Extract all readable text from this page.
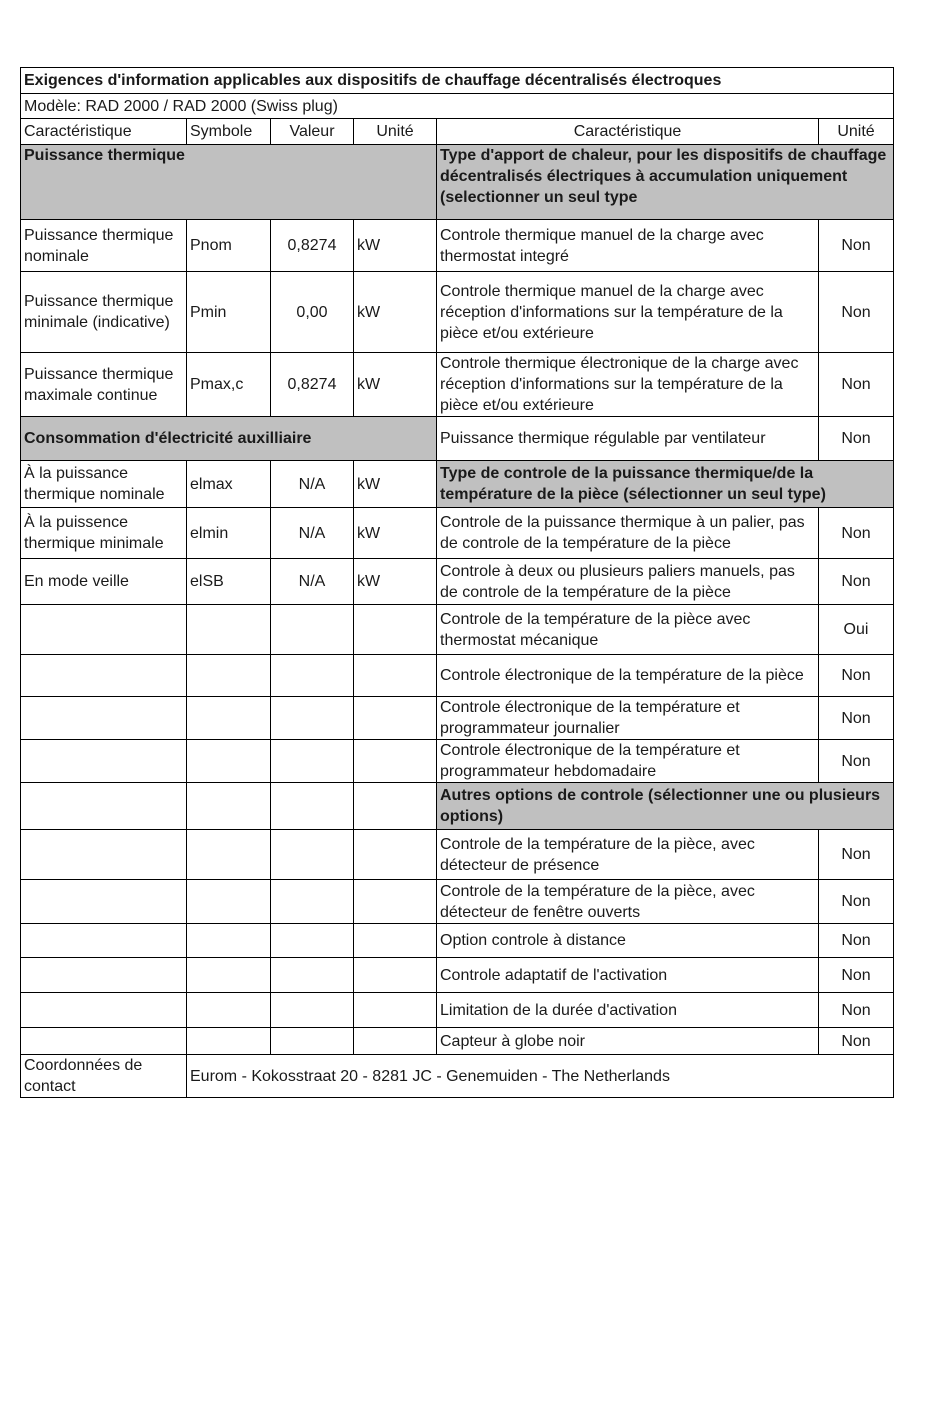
Exigences d'information applicables aux dispositifs de chauffage décentralisés électroques					
Modèle: RAD 2000 / RAD 2000 (Swiss plug)					
Caractéristique	Symbole	Valeur	Unité	Caractéristique	Unité
Puissance thermique				Type d'apport de chaleur, pour les dispositifs de chauffage décentralisés électriques à accumulation uniquement (selectionner un seul type	
Puissance thermique nominale	Pnom	0,8274	kW	Controle thermique manuel de la charge avec thermostat integré	Non
Puissance thermique minimale (indicative)	Pmin	0,00	kW	Controle thermique manuel de la charge avec réception d'informations sur la température de la pièce et/ou extérieure	Non
Puissance thermique maximale continue	Pmax,c	0,8274	kW	Controle thermique électronique de la charge avec réception d'informations sur la température de la pièce et/ou extérieure	Non
Consommation d'électricité auxilliaire				Puissance thermique régulable par ventilateur	Non
À la puissance thermique nominale	elmax	N/A	kW	Type de controle de la puissance thermique/de la température de la pièce (sélectionner un seul type)	
À la puissence thermique minimale	elmin	N/A	kW	Controle de la puissance thermique à un palier, pas de controle de la température de la pièce	Non
En mode veille	elSB	N/A	kW	Controle à deux ou plusieurs paliers manuels, pas de controle de la température de la pièce	Non
				Controle de la température de la pièce avec thermostat mécanique	Oui
				Controle électronique de la température de la pièce	Non
				Controle électronique de la température et programmateur journalier	Non
				Controle électronique de la température et programmateur hebdomadaire	Non
				Autres options de controle (sélectionner une ou plusieurs options)	
				Controle de la température de la pièce, avec détecteur de présence	Non
				Controle de la température de la pièce, avec détecteur de fenêtre ouverts	Non
				Option controle à distance	Non
				Controle adaptatif de l'activation	Non
				Limitation de la durée d'activation	Non
				Capteur à globe noir	Non
Coordonnées de contact	Eurom - Kokosstraat 20 - 8281 JC - Genemuiden - The Netherlands				
